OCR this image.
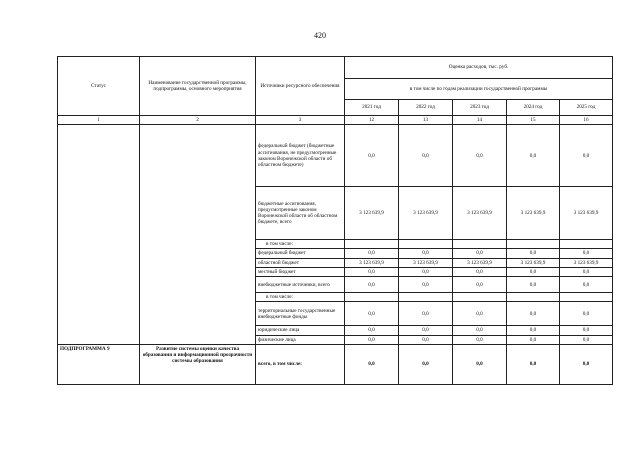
420
Статус	Наименование государственной программы, подпрограммы, основного мероприятия	Источники ресурсного обеспечения	Оценка расходов, тыс. руб.				
			в том числе по годам реализации государственной программы				
			2021 год	2022 год	2023 год	2024 год	2025 год
1	2	3	12	13	14	15	16
		федеральный бюджет (бюджетные ассигнования, не предусмотренные законом Воронежской области об областном бюджете)	0,0	0,0	0,0	0,0	0,0
		бюджетные ассигнования, предусмотренные законом Воронежской области об областном бюджете, всего	3 123 639,9	3 123 639,9	3 123 639,9	3 123 639,9	3 123 639,9
		в том числе:					
		федеральный бюджет	0,0	0,0	0,0	0,0	0,0
		областной бюджет	3 123 639,9	3 123 639,9	3 123 639,9	3 123 639,9	3 123 639,9
		местный бюджет	0,0	0,0	0,0	0,0	0,0
		внебюджетные источники, всего	0,0	0,0	0,0	0,0	0,0
		в том числе:					
		территориальные государственные внебюджетные фонды	0,0	0,0	0,0	0,0	0,0
		юридические лица	0,0	0,0	0,0	0,0	0,0
		физические лица	0,0	0,0	0,0	0,0	0,0
ПОДПРОГРАММА 9	Развитие системы оценки качества образования и информационной прозрачности системы образования	всего, в том числе:	0,0	0,0	0,0	0,0	0,0
